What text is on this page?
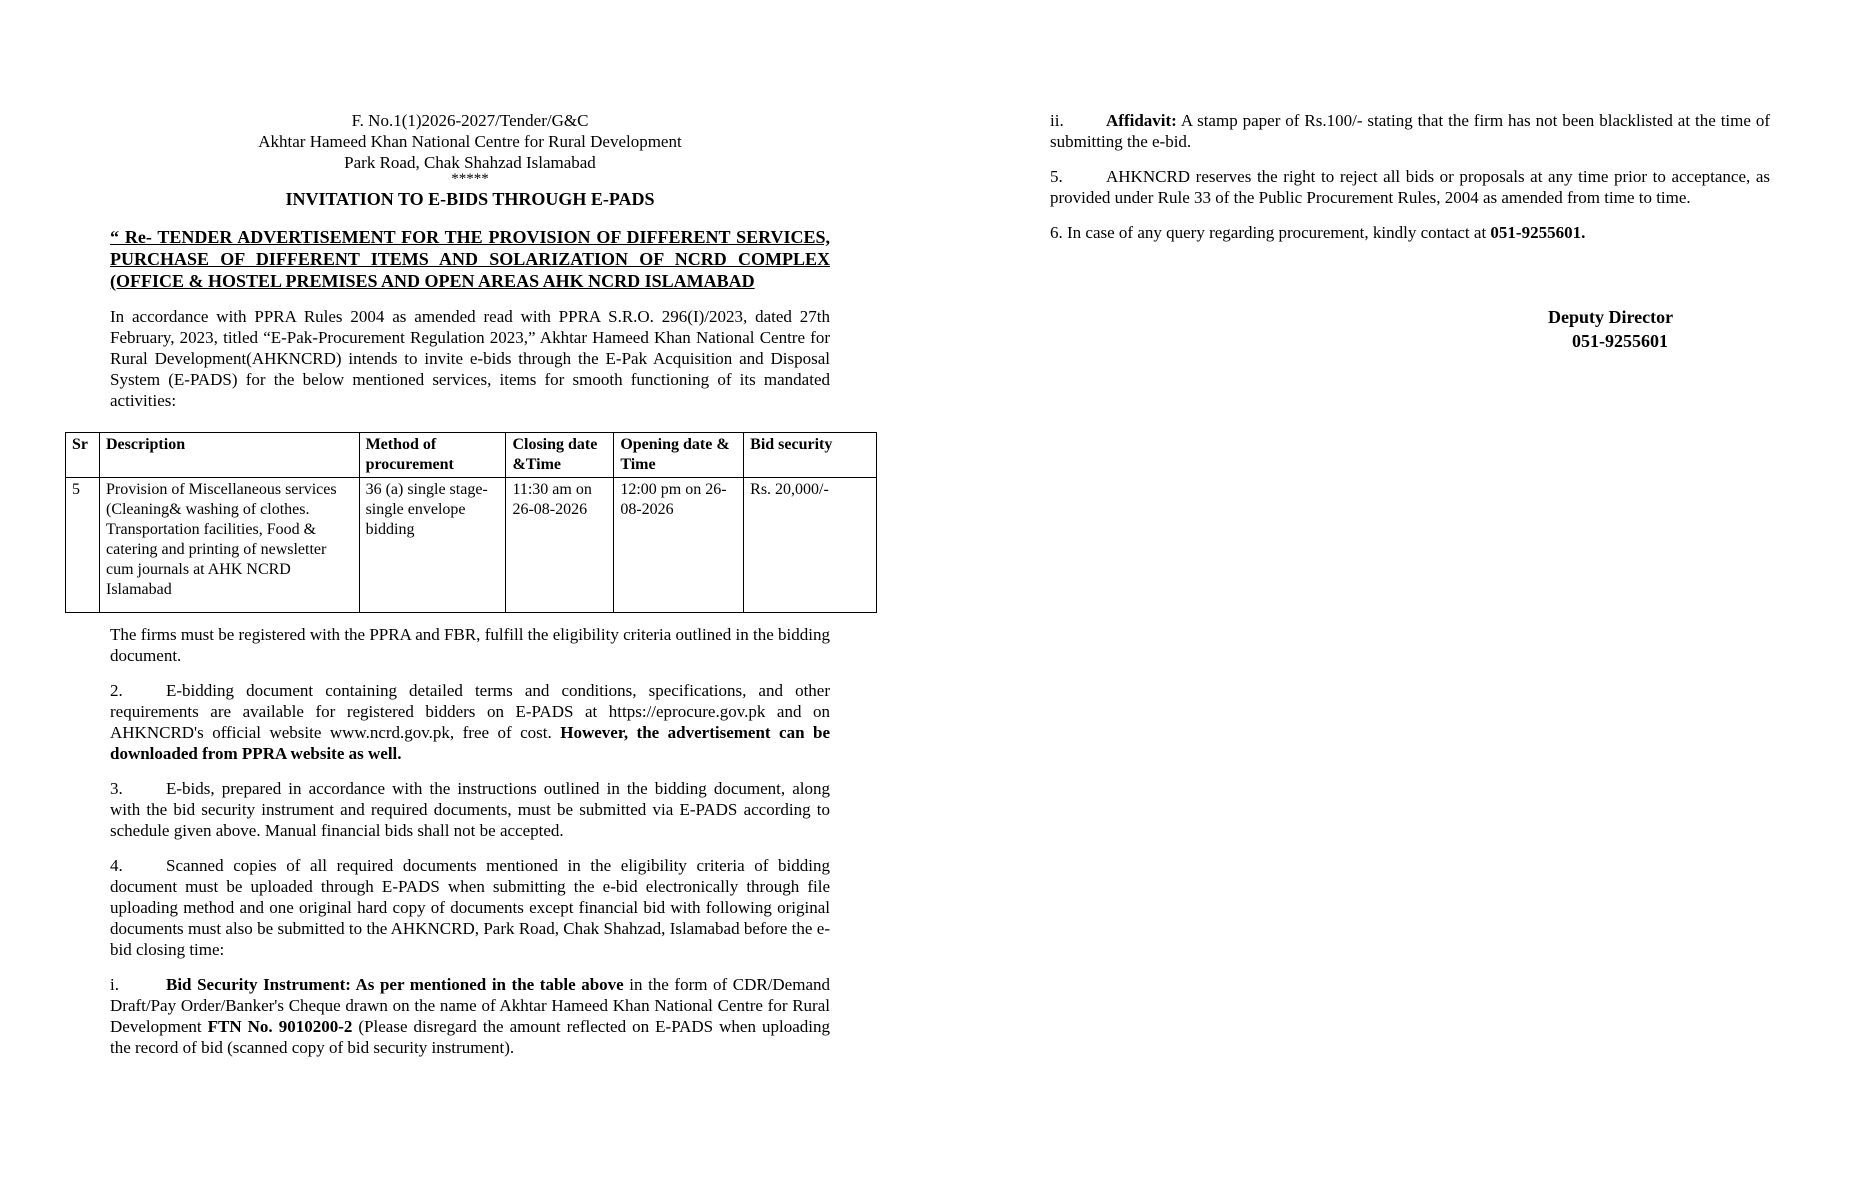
F. No.1(1)2026-2027/Tender/G&C
Akhtar Hameed Khan National Centre for Rural Development
Park Road, Chak Shahzad Islamabad
*****
INVITATION TO E-BIDS THROUGH E-PADS
“ Re- TENDER ADVERTISEMENT FOR THE PROVISION OF DIFFERENT SERVICES, PURCHASE OF DIFFERENT ITEMS AND SOLARIZATION OF NCRD COMPLEX (OFFICE & HOSTEL PREMISES AND OPEN AREAS AHK NCRD ISLAMABAD
In accordance with PPRA Rules 2004 as amended read with PPRA S.R.O. 296(I)/2023, dated 27th February, 2023, titled “E-Pak-Procurement Regulation 2023,” Akhtar Hameed Khan National Centre for Rural Development(AHKNCRD) intends to invite e-bids through the E-Pak Acquisition and Disposal System (E-PADS) for the below mentioned services, items for smooth functioning of its mandated activities:
Sr	Description	Method of procurement	Closing date &Time	Opening date & Time	Bid security
5	Provision of Miscellaneous services (Cleaning& washing of clothes. Transportation facilities, Food & catering and printing of newsletter cum journals at AHK NCRD Islamabad	36 (a) single stage-single envelope bidding	11:30 am on 26-08-2026	12:00 pm on 26-08-2026	Rs. 20,000/-
The firms must be registered with the PPRA and FBR, fulfill the eligibility criteria outlined in the bidding document.
2.	E-bidding document containing detailed terms and conditions, specifications, and other requirements are available for registered bidders on E-PADS at https://eprocure.gov.pk and on AHKNCRD's official website www.ncrd.gov.pk, free of cost. However, the advertisement can be downloaded from PPRA website as well.
3.	E-bids, prepared in accordance with the instructions outlined in the bidding document, along with the bid security instrument and required documents, must be submitted via E-PADS according to schedule given above. Manual financial bids shall not be accepted.
4.	Scanned copies of all required documents mentioned in the eligibility criteria of bidding document must be uploaded through E-PADS when submitting the e-bid electronically through file uploading method and one original hard copy of documents except financial bid with following original documents must also be submitted to the AHKNCRD, Park Road, Chak Shahzad, Islamabad before the e-bid closing time:
i.	Bid Security Instrument: As per mentioned in the table above in the form of CDR/Demand Draft/Pay Order/Banker's Cheque drawn on the name of Akhtar Hameed Khan National Centre for Rural Development FTN No. 9010200-2 (Please disregard the amount reflected on E-PADS when uploading the record of bid (scanned copy of bid security instrument).
ii. Affidavit: A stamp paper of Rs.100/- stating that the firm has not been blacklisted at the time of submitting the e-bid.
5.	AHKNCRD reserves the right to reject all bids or proposals at any time prior to acceptance, as provided under Rule 33 of the Public Procurement Rules, 2004 as amended from time to time.
6. In case of any query regarding procurement, kindly contact at 051-9255601.
Deputy Director
051-9255601
